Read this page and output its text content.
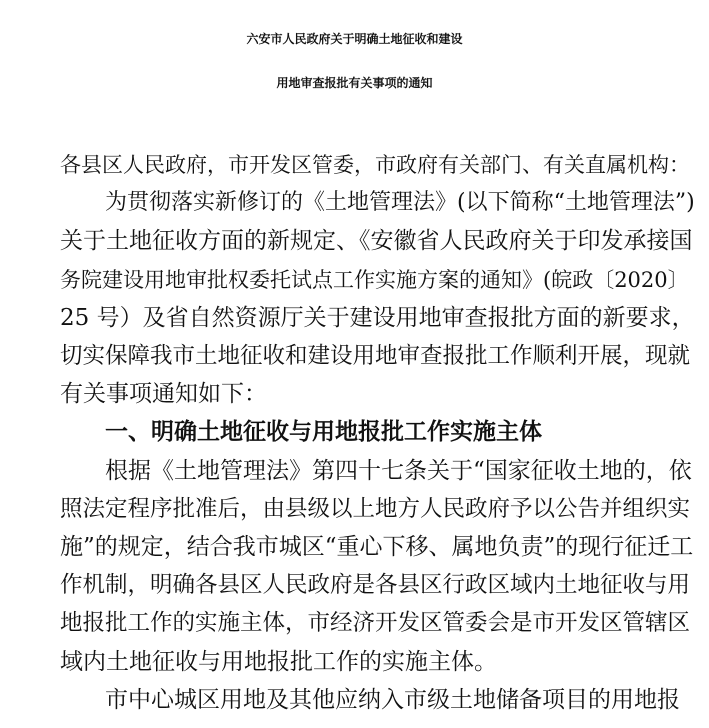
六安市人民政府关于明确土地征收和建设
用地审查报批有关事项的通知
各县区人民政府，市开发区管委，市政府有关部门、有关直属机构：
为贯彻落实新修订的《土地管理法》(以下简称“土地管理法”)
关于土地征收方面的新规定、《安徽省人民政府关于印发承接国
务院建设用地审批权委托试点工作实施方案的通知》(皖政〔2020〕
25 号）及省自然资源厅关于建设用地审查报批方面的新要求，
切实保障我市土地征收和建设用地审查报批工作顺利开展，现就
有关事项通知如下：
一、明确土地征收与用地报批工作实施主体
根据《土地管理法》第四十七条关于“国家征收土地的，依
照法定程序批准后，由县级以上地方人民政府予以公告并组织实
施”的规定，结合我市城区“重心下移、属地负责”的现行征迁工
作机制，明确各县区人民政府是各县区行政区域内土地征收与用
地报批工作的实施主体，市经济开发区管委会是市开发区管辖区
域内土地征收与用地报批工作的实施主体。
市中心城区用地及其他应纳入市级土地储备项目的用地报
